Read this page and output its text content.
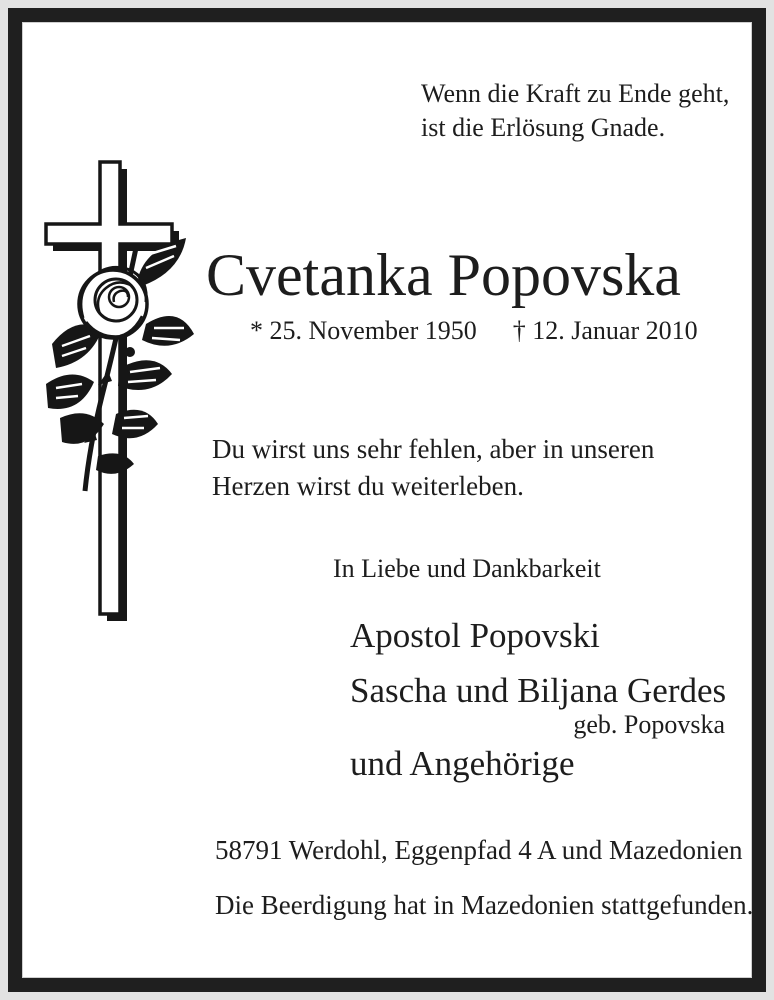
Wenn die Kraft zu Ende geht,
ist die Erlösung Gnade.
Cvetanka Popovska
* 25. November 1950 † 12. Januar 2010
Du wirst uns sehr fehlen, aber in unseren Herzen wirst du weiterleben.
In Liebe und Dankbarkeit
Apostol Popovski
Sascha und Biljana Gerdes
geb. Popovska
und Angehörige
58791 Werdohl, Eggenpfad 4 A und Mazedonien
Die Beerdigung hat in Mazedonien stattgefunden.
